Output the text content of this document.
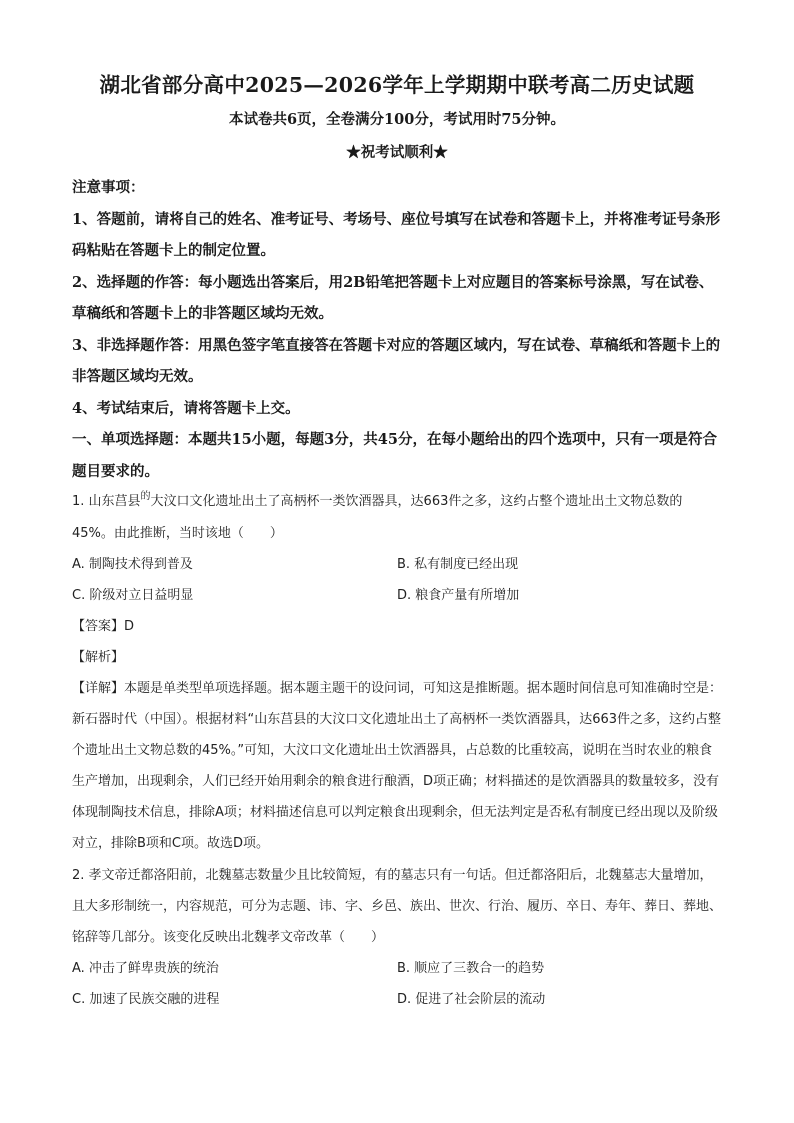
湖北省部分高中2025—2026学年上学期期中联考高二历史试题
本试卷共6页，全卷满分100分，考试用时75分钟。
★祝考试顺利★

注意事项：

1、答题前，请将自己的姓名、准考证号、考场号、座位号填写在试卷和答题卡上，并将准考证号条形码粘贴在答题卡上的制定位置。

2、选择题的作答：每小题选出答案后，用2B铅笔把答题卡上对应题目的答案标号涂黑，写在试卷、草稿纸和答题卡上的非答题区域均无效。

3、非选择题作答：用黑色签字笔直接答在答题卡对应的答题区域内，写在试卷、草稿纸和答题卡上的非答题区域均无效。

4、考试结束后，请将答题卡上交。

一、单项选择题：本题共15小题，每题3分，共45分，在每小题给出的四个选项中，只有一项是符合题目要求的。

1. 山东莒县$^的$大汶口文化遗址出土了高柄杯一类饮酒器具，达663件之多，这约占整个遗址出土文物总数的45%。由此推断，当时该地（　　）

A. 制陶技术得到普及	B. 私有制度已经出现
C. 阶级对立日益明显	D. 粮食产量有所增加

【答案】D

【解析】

【详解】本题是单类型单项选择题。据本题主题干的设问词，可知这是推断题。据本题时间信息可知准确时空是：新石器时代（中国）。根据材料“山东莒县的大汶口文化遗址出土了高柄杯一类饮酒器具，达663件之多，这约占整个遗址出土文物总数的45%。”可知，大汶口文化遗址出土饮酒器具，占总数的比重较高，说明在当时农业的粮食生产增加，出现剩余，人们已经开始用剩余的粮食进行酿酒，D项正确；材料描述的是饮酒器具的数量较多，没有体现制陶技术信息，排除A项；材料描述信息可以判定粮食出现剩余，但无法判定是否私有制度已经出现以及阶级对立，排除B项和C项。故选D项。

2. 孝文帝迁都洛阳前，北魏墓志数量少且比较简短，有的墓志只有一句话。但迁都洛阳后，北魏墓志大量增加，且大多形制统一，内容规范，可分为志题、讳、字、乡邑、族出、世次、行治、履历、卒日、寿年、葬日、葬地、铭辞等几部分。该变化反映出北魏孝文帝改革（　　）

A. 冲击了鲜卑贵族的统治	B. 顺应了三教合一的趋势
C. 加速了民族交融的进程	D. 促进了社会阶层的流动
